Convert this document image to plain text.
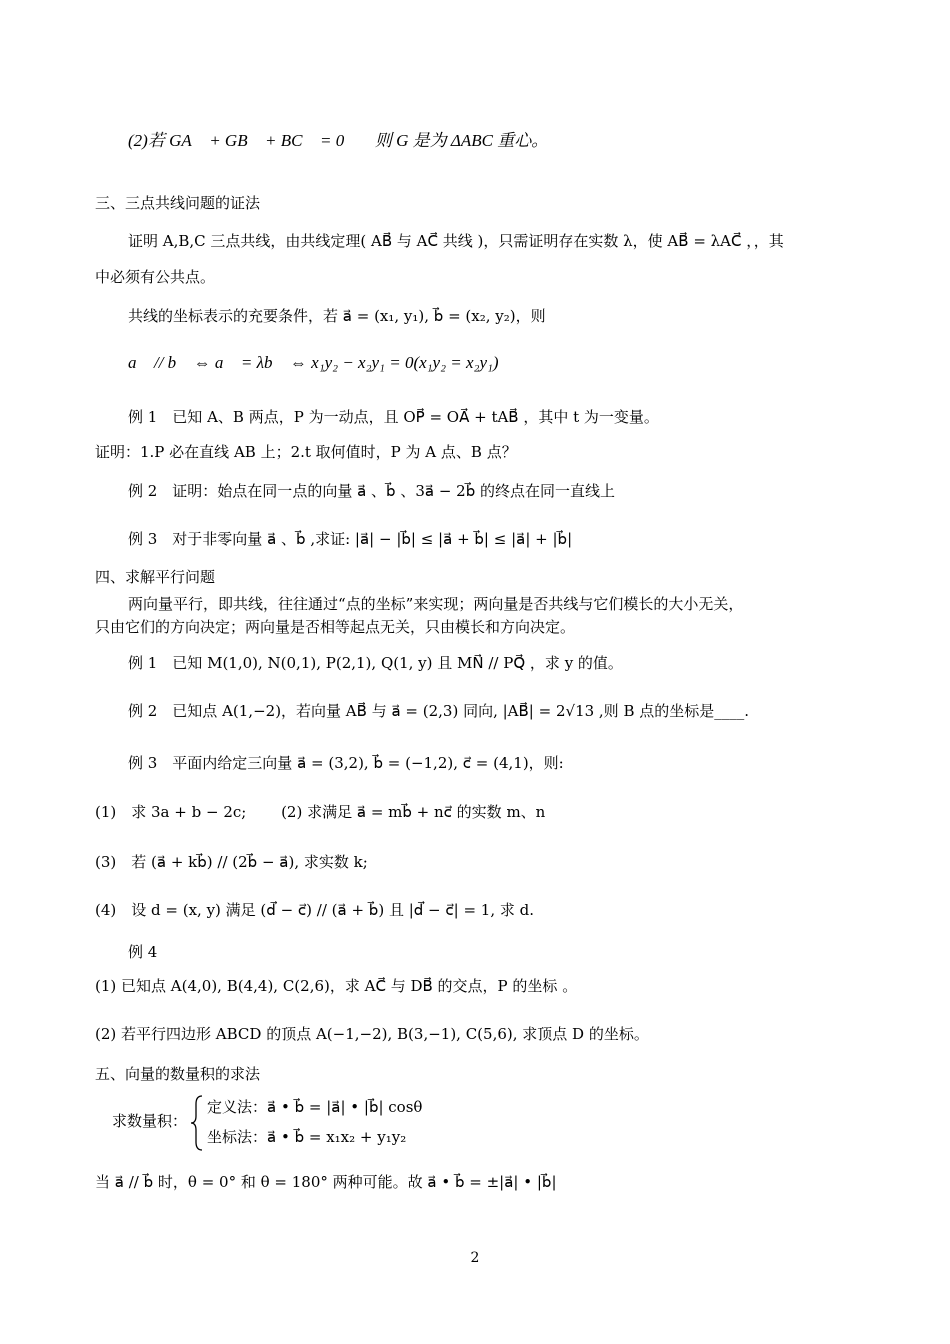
(2)若 GA⃗ + GB⃗ + BC⃗ = 0⃗ ，则 G 是为 ΔABC 重心。
三、三点共线问题的证法
证明 A,B,C 三点共线，由共线定理( AB⃗ 与 AC⃗ 共线 )，只需证明存在实数 λ，使 AB⃗ = λAC⃗ ，，其
中必须有公共点。
共线的坐标表示的充要条件，若 a⃗ = (x₁, y₁), b⃗ = (x₂, y₂)，则
a⃗ // b⃗ ⇔ a⃗ = λb⃗ ⇔ x₁y₂ − x₂y₁ = 0(x₁y₂ = x₂y₁)
例 1　已知 A、B 两点，P 为一动点，且 OP⃗ = OA⃗ + tAB⃗ ，其中 t 为一变量。
证明：1.P 必在直线 AB 上；2.t 取何值时，P 为 A 点、B 点？
例 2　证明：始点在同一点的向量 a⃗ 、b⃗ 、3a⃗ − 2b⃗ 的终点在同一直线上
例 3　对于非零向量 a⃗ 、b⃗ ,求证: |a⃗| − |b⃗| ≤ |a⃗ + b⃗| ≤ |a⃗| + |b⃗|
四、求解平行问题
两向量平行，即共线，往往通过“点的坐标”来实现；两向量是否共线与它们模长的大小无关，
只由它们的方向决定；两向量是否相等起点无关，只由模长和方向决定。
例 1　已知 M(1,0), N(0,1), P(2,1), Q(1, y) 且 MN⃗ // PQ⃗ ，求 y 的值。
例 2　已知点 A(1,−2)，若向量 AB⃗ 与 a⃗ = (2,3) 同向, |AB⃗| = 2√13 ,则 B 点的坐标是____.
例 3　平面内给定三向量 a⃗ = (3,2), b⃗ = (−1,2), c⃗ = (4,1)，则:
(1)　求 3a + b − 2c;　　 (2) 求满足 a⃗ = mb⃗ + nc⃗ 的实数 m、n
(3)　若 (a⃗ + kb⃗) // (2b⃗ − a⃗), 求实数 k;
(4)　设 d = (x, y) 满足 (d⃗ − c⃗) // (a⃗ + b⃗) 且 |d⃗ − c⃗| = 1, 求 d.
例 4
(1) 已知点 A(4,0), B(4,4), C(2,6)，求 AC⃗ 与 DB⃗ 的交点，P 的坐标 。
(2) 若平行四边形 ABCD 的顶点 A(−1,−2), B(3,−1), C(5,6), 求顶点 D 的坐标。
五、向量的数量积的求法
求数量积：
定义法：a⃗ • b⃗ = |a⃗| • |b⃗| cosθ
坐标法：a⃗ • b⃗ = x₁x₂ + y₁y₂
当 a⃗ // b⃗ 时，θ = 0° 和 θ = 180° 两种可能。故 a⃗ • b⃗ = ±|a⃗| • |b⃗|
2
